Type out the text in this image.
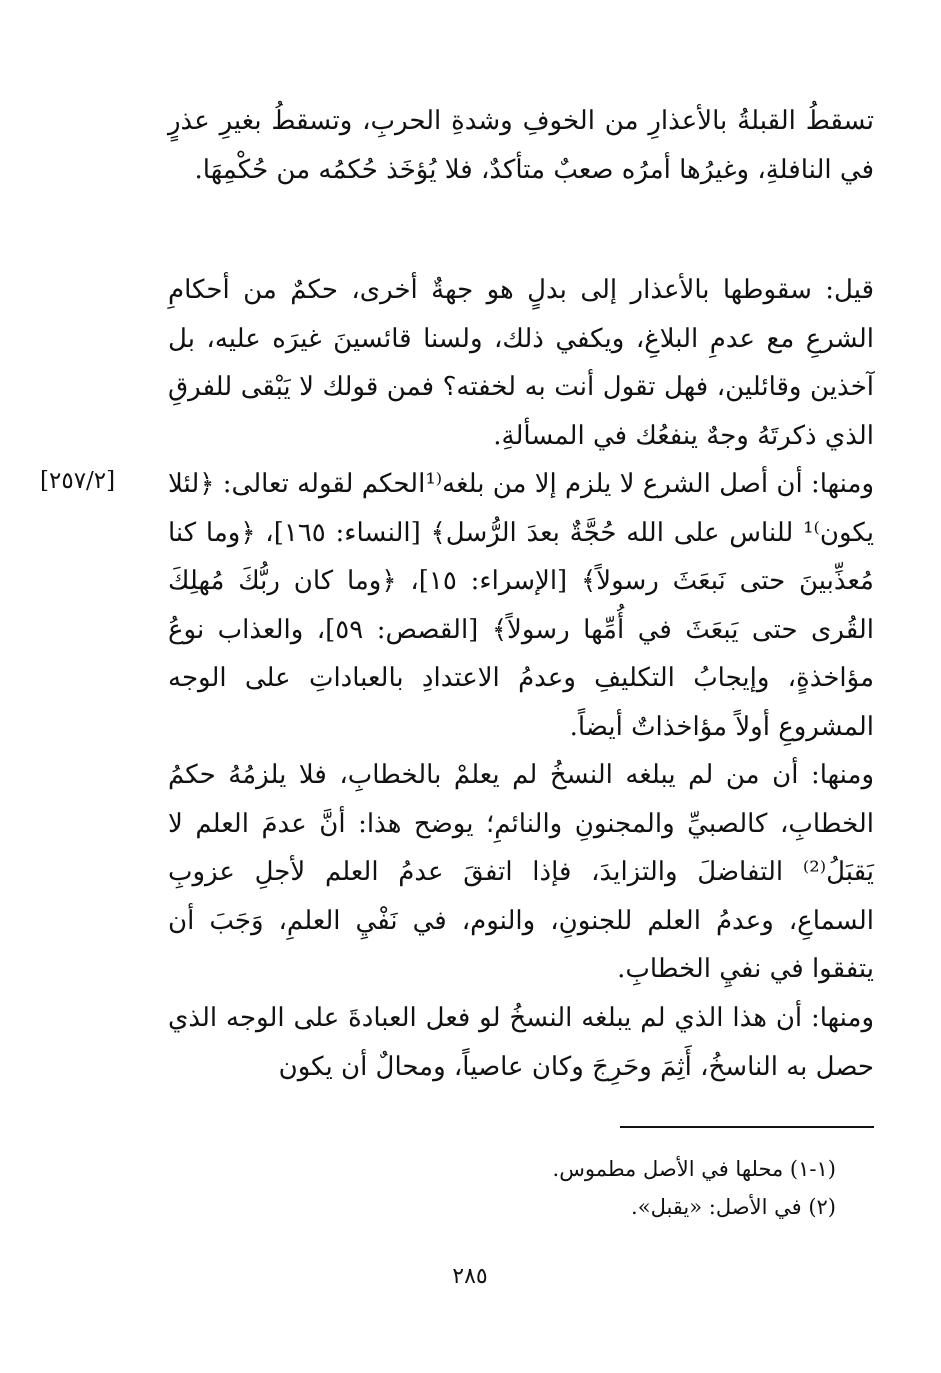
تسقطُ القبلةُ بالأعذارِ من الخوفِ وشدةِ الحربِ، وتسقطُ بغيرِ عذرٍ في النافلةِ، وغيرُها أمرُه صعبٌ متأكدٌ، فلا يُؤخَذ حُكمُه من حُكْمِهَا.

قيل: سقوطها بالأعذار إلى بدلٍ هو جهةٌ أخرى، حكمٌ من أحكامِ الشرعِ مع عدمِ البلاغِ، ويكفي ذلك، ولسنا قائسينَ غيرَه عليه، بل آخذين وقائلين، فهل تقول أنت به لخفته؟ فمن قولك لا يَبْقى للفرقِ الذي ذكرتَهُ وجهٌ ينفعُك في المسألةِ.

ومنها: أن أصل الشرع لا يلزم إلا من بلغه⁽¹الحكم لقوله تعالى: ﴿لئلا يكون⁾¹ للناس على الله حُجَّةٌ بعدَ الرُّسل﴾ [النساء: ١٦٥]، ﴿وما كنا مُعذِّبينَ حتى نَبعَثَ رسولاً﴾ [الإسراء: ١٥]، ﴿وما كان ربُّكَ مُهلِكَ القُرى حتى يَبعَثَ في أُمِّها رسولاً﴾ [القصص: ٥٩]، والعذاب نوعُ مؤاخذةٍ، وإيجابُ التكليفِ وعدمُ الاعتدادِ بالعباداتِ على الوجه المشروعِ أولاً مؤاخذاتٌ أيضاً.

ومنها: أن من لم يبلغه النسخُ لم يعلمْ بالخطابِ، فلا يلزمُهُ حكمُ الخطابِ، كالصبيِّ والمجنونِ والنائمِ؛ يوضح هذا: أنَّ عدمَ العلم لا يَقبَلُ⁽²⁾ التفاضلَ والتزايدَ، فإذا اتفقَ عدمُ العلم لأجلِ عزوبِ السماعِ، وعدمُ العلم للجنونِ، والنوم، في نَفْيِ العلمِ، وَجَبَ أن يتفقوا في نفيِ الخطابِ.

ومنها: أن هذا الذي لم يبلغه النسخُ لو فعل العبادةَ على الوجه الذي حصل به الناسخُ، أَثِمَ وحَرِجَ وكان عاصياً، ومحالٌ أن يكون

[٢٥٧/٢]
(١-١) محلها في الأصل مطموس.
(٢) في الأصل: «يقبل».
٢٨٥
